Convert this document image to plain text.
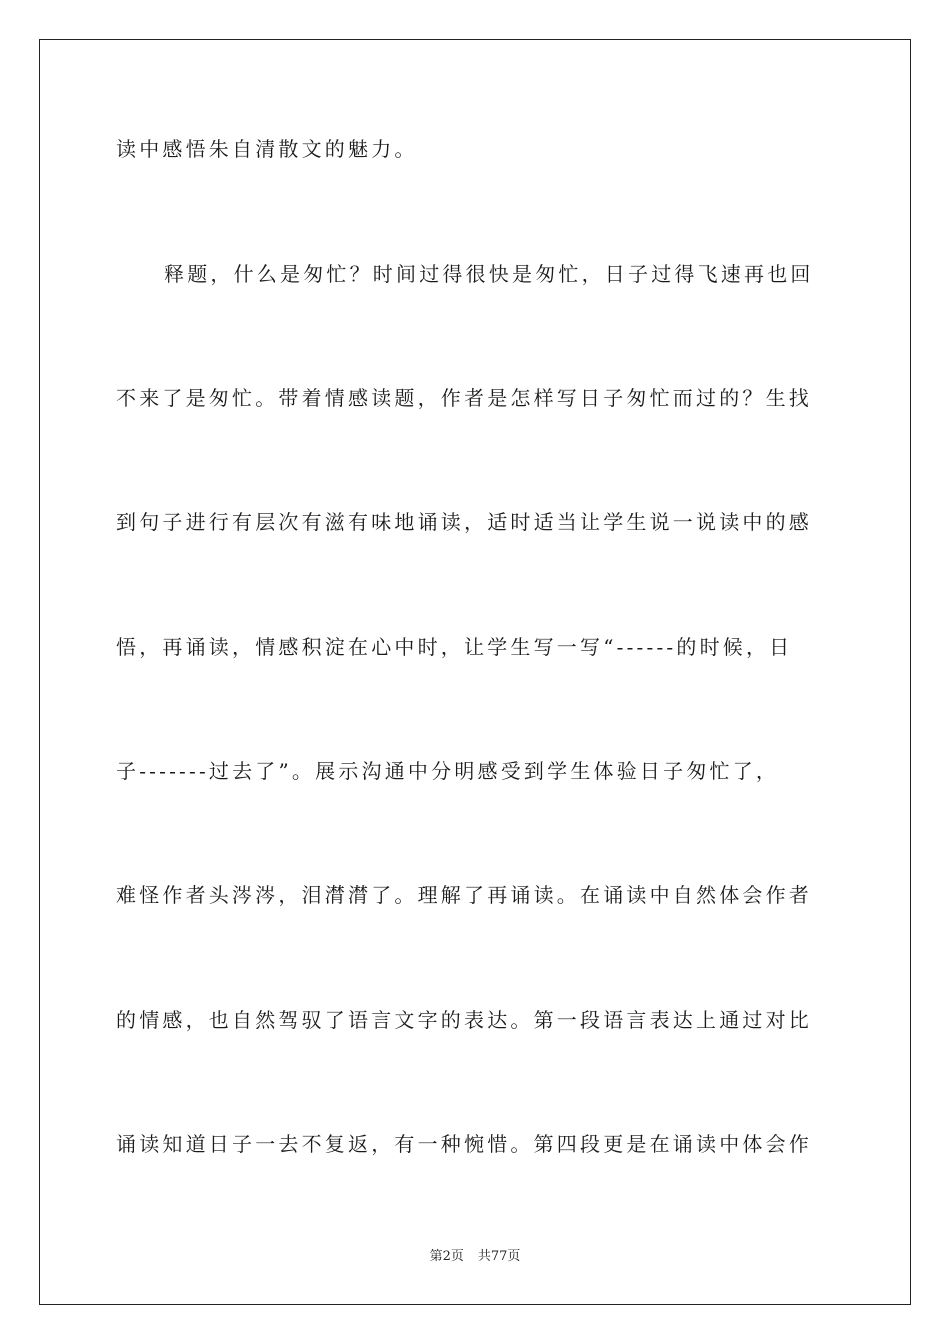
读中感悟朱自清散文的魅力。
释题，什么是匆忙？时间过得很快是匆忙，日子过得飞速再也回
不来了是匆忙。带着情感读题，作者是怎样写日子匆忙而过的？生找
到句子进行有层次有滋有味地诵读，适时适当让学生说一说读中的感
悟，再诵读，情感积淀在心中时，让学生写一写“------的时候，日
子-------过去了”。展示沟通中分明感受到学生体验日子匆忙了，
难怪作者头涔涔，泪潸潸了。理解了再诵读。在诵读中自然体会作者
的情感，也自然驾驭了语言文字的表达。第一段语言表达上通过对比
诵读知道日子一去不复返，有一种惋惜。第四段更是在诵读中体会作
第2页 共77页
